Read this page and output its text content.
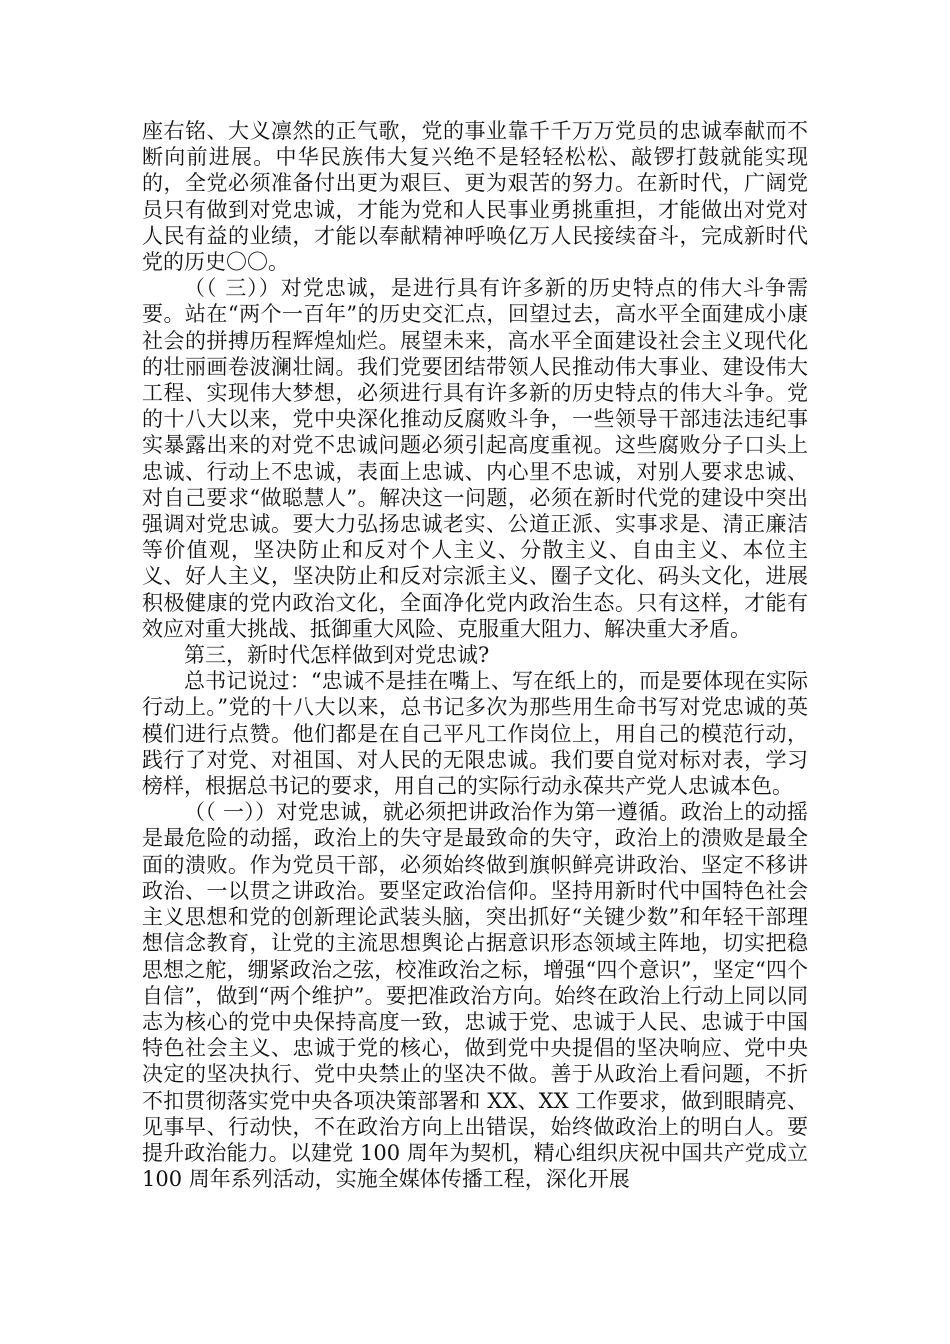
座右铭、大义凛然的正气歌，党的事业靠千千万万党员的忠诚奉献而不断向前进展。中华民族伟大复兴绝不是轻轻松松、敲锣打鼓就能实现的，全党必须准备付出更为艰巨、更为艰苦的努力。在新时代，广阔党员只有做到对党忠诚，才能为党和人民事业勇挑重担，才能做出对党对人民有益的业绩，才能以奉献精神呼唤亿万人民接续奋斗，完成新时代党的历史〇〇。

（（ 三））对党忠诚，是进行具有许多新的历史特点的伟大斗争需要。站在“两个一百年”的历史交汇点，回望过去，高水平全面建成小康社会的拼搏历程辉煌灿烂。展望未来，高水平全面建设社会主义现代化的壮丽画卷波澜壮阔。我们党要团结带领人民推动伟大事业、建设伟大工程、实现伟大梦想，必须进行具有许多新的历史特点的伟大斗争。党的十八大以来，党中央深化推动反腐败斗争，一些领导干部违法违纪事实暴露出来的对党不忠诚问题必须引起高度重视。这些腐败分子口头上忠诚、行动上不忠诚，表面上忠诚、内心里不忠诚，对别人要求忠诚、对自己要求“做聪慧人”。解决这一问题，必须在新时代党的建设中突出强调对党忠诚。要大力弘扬忠诚老实、公道正派、实事求是、清正廉洁 等价值观，坚决防止和反对个人主义、分散主义、自由主义、本位主义、好人主义，坚决防止和反对宗派主义、圈子文化、码头文化，进展积极健康的党内政治文化，全面净化党内政治生态。只有这样，才能有效应对重大挑战、抵御重大风险、克服重大阻力、解决重大矛盾。

第三，新时代怎样做到对党忠诚?

总书记说过：“忠诚不是挂在嘴上、写在纸上的，而是要体现在实际行动上。”党的十八大以来，总书记多次为那些用生命书写对党忠诚的英模们进行点赞。他们都是在自己平凡工作岗位上，用自己的模范行动，践行了对党、对祖国、对人民的无限忠诚。我们要自觉对标对表，学习榜样，根据总书记的要求，用自己的实际行动永葆共产党人忠诚本色。

（（ 一））对党忠诚，就必须把讲政治作为第一遵循。政治上的动摇是最危险的动摇，政治上的失守是最致命的失守，政治上的溃败是最全面的溃败。作为党员干部，必须始终做到旗帜鲜亮讲政治、坚定不移讲政治、一以贯之讲政治。要坚定政治信仰。坚持用新时代中国特色社会主义思想和党的创新理论武装头脑，突出抓好“关键少数”和年轻干部理想信念教育，让党的主流思想舆论占据意识形态领域主阵地，切实把稳思想之舵，绷紧政治之弦，校准政治之标，增强“四个意识”，坚定“四个自信”，做到“两个维护”。要把准政治方向。始终在政治上行动上同以同志为核心的党中央保持高度一致，忠诚于党、忠诚于人民、忠诚于中国特色社会主义、忠诚于党的核心，做到党中央提倡的坚决响应、党中央决定的坚决执行、党中央禁止的坚决不做。善于从政治上看问题，不折不扣贯彻落实党中央各项决策部署和 XX、XX 工作要求，做到眼睛亮、见事早、行动快，不在政治方向上出错误，始终做政治上的明白人。要提升政治能力。以建党 100 周年为契机，精心组织庆祝中国共产党成立 100 周年系列活动，实施全媒体传播工程，深化开展
